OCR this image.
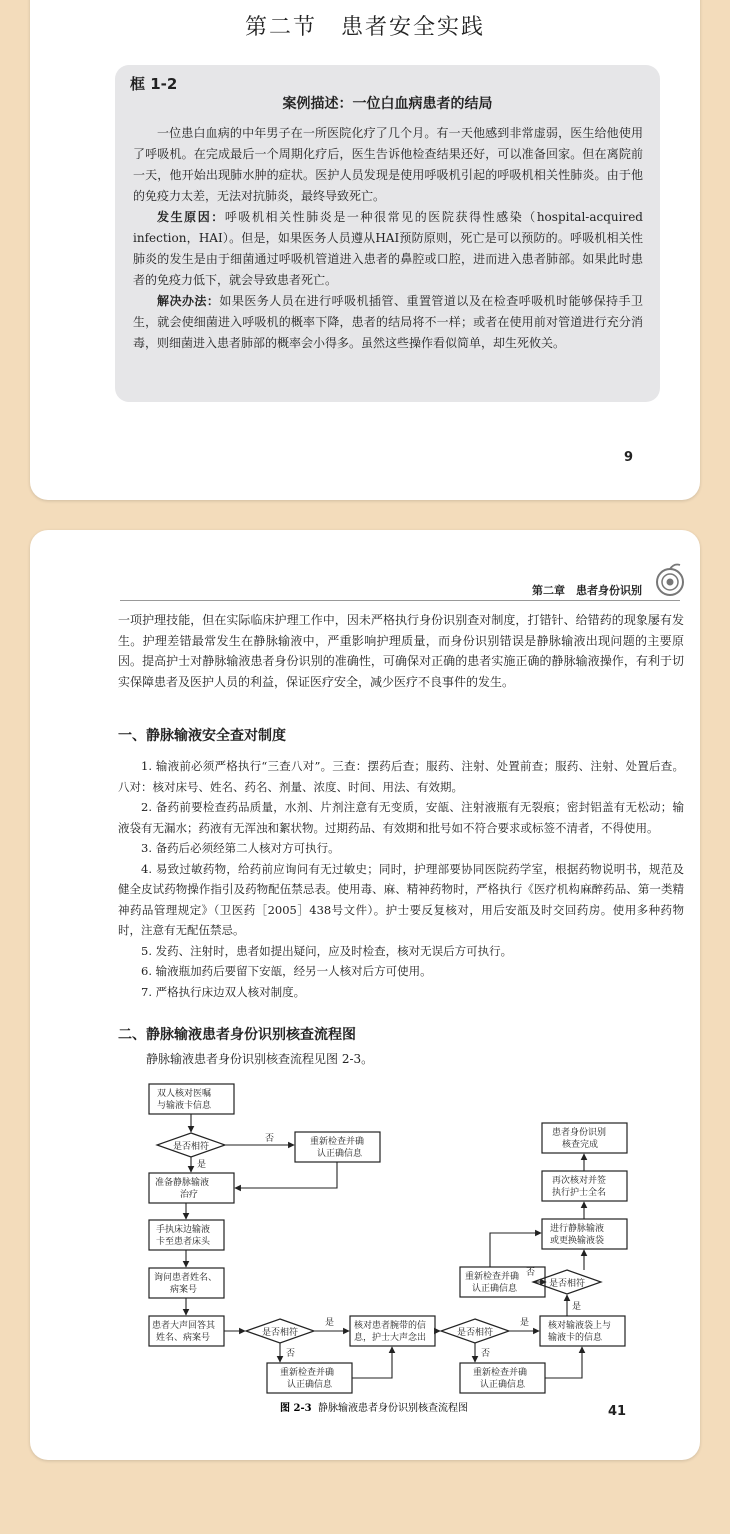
第二节　患者安全实践
框 1-2
案例描述：一位白血病患者的结局

一位患白血病的中年男子在一所医院化疗了几个月。有一天他感到非常虚弱，医生给他使用了呼吸机。在完成最后一个周期化疗后，医生告诉他检查结果还好，可以准备回家。但在离院前一天，他开始出现肺水肿的症状。医护人员发现是使用呼吸机引起的呼吸机相关性肺炎。由于他的免疫力太差，无法对抗肺炎，最终导致死亡。

发生原因：呼吸机相关性肺炎是一种很常见的医院获得性感染（hospital-acquired infection，HAI）。但是，如果医务人员遵从HAI预防原则，死亡是可以预防的。呼吸机相关性肺炎的发生是由于细菌通过呼吸机管道进入患者的鼻腔或口腔，进而进入患者肺部。如果此时患者的免疫力低下，就会导致患者死亡。

解决办法：如果医务人员在进行呼吸机插管、重置管道以及在检查呼吸机时能够保持手卫生，就会使细菌进入呼吸机的概率下降，患者的结局将不一样；或者在使用前对管道进行充分消毒，则细菌进入患者肺部的概率会小得多。虽然这些操作看似简单，却生死攸关。

9
第二章　患者身份识别

一项护理技能，但在实际临床护理工作中，因未严格执行身份识别查对制度，打错针、给错药的现象屡有发生。护理差错最常发生在静脉输液中，严重影响护理质量，而身份识别错误是静脉输液出现问题的主要原因。提高护士对静脉输液患者身份识别的准确性，可确保对正确的患者实施正确的静脉输液操作，有利于切实保障患者及医护人员的利益，保证医疗安全，减少医疗不良事件的发生。

一、静脉输液安全查对制度

1. 输液前必须严格执行“三查八对”。三查：摆药后查；服药、注射、处置前查；服药、注射、处置后查。八对：核对床号、姓名、药名、剂量、浓度、时间、用法、有效期。

2. 备药前要检查药品质量，水剂、片剂注意有无变质，安瓿、注射液瓶有无裂痕；密封铝盖有无松动；输液袋有无漏水；药液有无浑浊和絮状物。过期药品、有效期和批号如不符合要求或标签不清者，不得使用。

3. 备药后必须经第二人核对方可执行。

4. 易致过敏药物，给药前应询问有无过敏史；同时，护理部要协同医院药学室，根据药物说明书，规范及健全皮试药物操作指引及药物配伍禁忌表。使用毒、麻、精神药物时，严格执行《医疗机构麻醉药品、第一类精神药品管理规定》（卫医药［2005］438号文件）。护士要反复核对，用后安瓿及时交回药房。使用多种药物时，注意有无配伍禁忌。

5. 发药、注射时，患者如提出疑问，应及时检查，核对无误后方可执行。

6. 输液瓶加药后要留下安瓿，经另一人核对后方可使用。

7. 严格执行床边双人核对制度。

二、静脉输液患者身份识别核查流程图
静脉输液患者身份识别核查流程见图 2-3。
双人核对医嘱
与输液卡信息
是否相符
否	重新检查并确
认正确信息
是
准备静脉输液
治疗
手执床边输液
卡至患者床头
询问患者姓名、
病案号
患者大声回答其
姓名、病案号	是否相符
是
否
重新检查并确
认正确信息
核对患者腕带的信
息，护士大声念出	是否相符
是
否
重新检查并确
认正确信息
核对输液袋上与
输液卡的信息
是
是否相符
否
重新检查并确
认正确信息
进行静脉输液
或更换输液袋
再次核对并签
执行护士全名
患者身份识别
核查完成
图 2-3 静脉输液患者身份识别核查流程图	41
